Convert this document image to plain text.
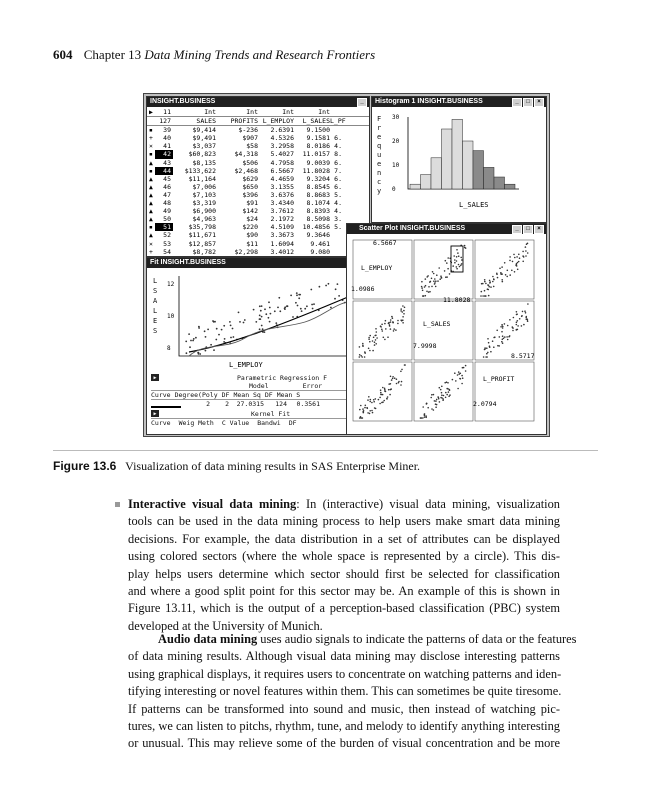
604 Chapter 13 Data Mining Trends and Research Frontiers
INSIGHT.BUSINESS	_
▶	11	Int	Int	Int	Int
127	SALES	PROFITS L_EMPLOY	L_SALES L_PF
▪	39	$9,414	$-236	2.6391	9.1500
+	40	$9,491	$907	4.5326	9.1581 6.
×	41	$3,037	$58	3.2958	8.0186 4.
▪	42	$60,823	$4,318	5.4027	11.0157 8.
▲	43	$8,135	$506	4.7958	9.0039 6.
▪	44	$133,622	$2,468	6.5667	11.8028 7.
▲	45	$11,164	$629	4.4659	9.3204 6.
▲	46	$7,006	$650	3.1355	8.8545 6.
▲	47	$7,103	$396	3.6376	8.8683 5.
▲	48	$3,319	$91	3.4340	8.1074 4.
▲	49	$6,900	$142	3.7612	8.8393 4.
▲	50	$4,963	$24	2.1972	8.5098 3.
▪	51	$35,798	$220	4.5109	10.4856 5.
▲	52	$11,671	$90	3.3673	9.3646
×	53	$12,857	$11	1.6094	9.461
+	54	$8,782	$2,298	3.4012	9.080
Histogram 1 INSIGHT.BUSINESS	_	□	×
F
r
e
q
u
e
n
c
y
30
20
10
0
L_SALES
Fit INSIGHT.BUSINESS
L
S
A
L
E
S
12
10
8
L_EMPLOY
▶	Parametric Regression F
Model	Error
Curve Degree(Poly DF Mean Sq DF Mean S
2	2	27.0315	124	0.3561
▶	Kernel Fit
Curve Weig Meth C Value Bandwi DF
Scatter Plot INSIGHT.BUSINESS	_	□	×
6.5667
L_EMPLOY
1.0986
11.8028
L_SALES
7.9998
8.5717
L_PROFIT
2.0794
Figure 13.6 Visualization of data mining results in SAS Enterprise Miner.
Interactive visual data mining: In (interactive) visual data mining, visualization
tools can be used in the data mining process to help users make smart data mining
decisions. For example, the data distribution in a set of attributes can be displayed
using colored sectors (where the whole space is represented by a circle). This dis-
play helps users determine which sector should first be selected for classification
and where a good split point for this sector may be. An example of this is shown in
Figure 13.11, which is the output of a perception-based classification (PBC) system
developed at the University of Munich.
Audio data mining uses audio signals to indicate the patterns of data or the features
of data mining results. Although visual data mining may disclose interesting patterns
using graphical displays, it requires users to concentrate on watching patterns and iden-
tifying interesting or novel features within them. This can sometimes be quite tiresome.
If patterns can be transformed into sound and music, then instead of watching pic-
tures, we can listen to pitchs, rhythm, tune, and melody to identify anything interesting
or unusual. This may relieve some of the burden of visual concentration and be more
